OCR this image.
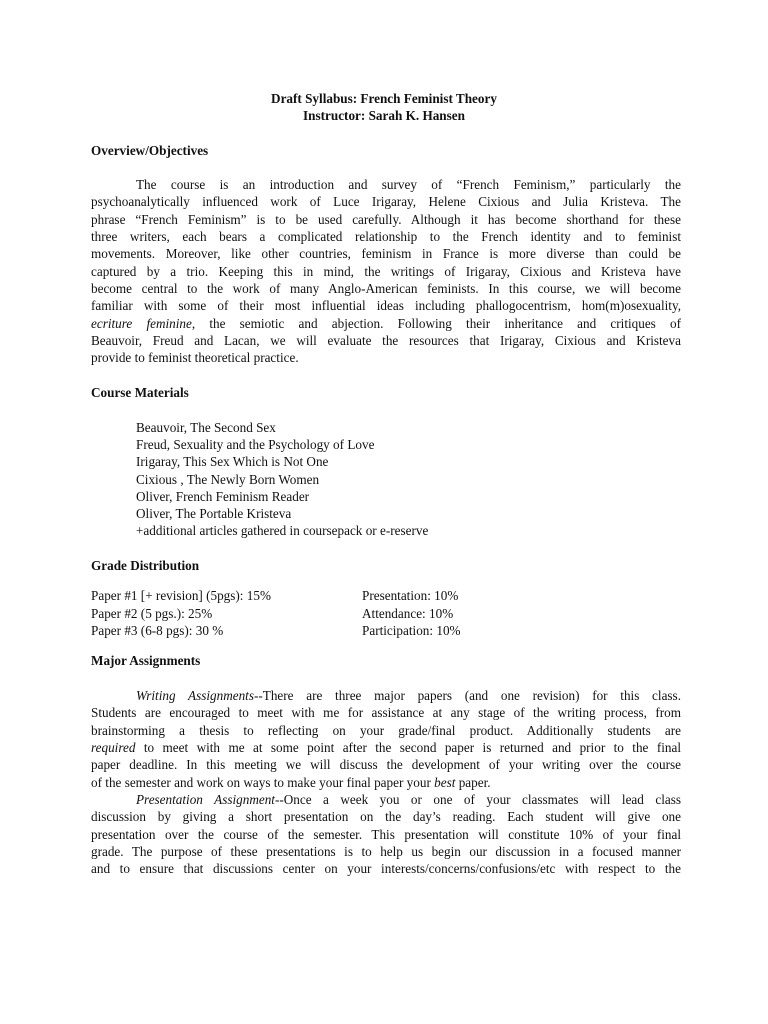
Draft Syllabus: French Feminist Theory
Instructor: Sarah K. Hansen
Overview/Objectives
The course is an introduction and survey of “French Feminism,” particularly the
psychoanalytically influenced work of Luce Irigaray, Helene Cixious and Julia Kristeva. The
phrase “French Feminism” is to be used carefully. Although it has become shorthand for these
three writers, each bears a complicated relationship to the French identity and to feminist
movements. Moreover, like other countries, feminism in France is more diverse than could be
captured by a trio. Keeping this in mind, the writings of Irigaray, Cixious and Kristeva have
become central to the work of many Anglo-American feminists. In this course, we will become
familiar with some of their most influential ideas including phallogocentrism, hom(m)osexuality,
ecriture feminine, the semiotic and abjection. Following their inheritance and critiques of
Beauvoir, Freud and Lacan, we will evaluate the resources that Irigaray, Cixious and Kristeva
provide to feminist theoretical practice.
Course Materials
Beauvoir, The Second Sex
Freud, Sexuality and the Psychology of Love
Irigaray, This Sex Which is Not One
Cixious , The Newly Born Women
Oliver, French Feminism Reader
Oliver, The Portable Kristeva
+additional articles gathered in coursepack or e-reserve
Grade Distribution
Paper #1 [+ revision] (5pgs): 15%	Presentation: 10%
Paper #2 (5 pgs.): 25%	Attendance: 10%
Paper #3 (6-8 pgs): 30 %	Participation: 10%
Major Assignments
Writing Assignments--There are three major papers (and one revision) for this class.
Students are encouraged to meet with me for assistance at any stage of the writing process, from
brainstorming a thesis to reflecting on your grade/final product. Additionally students are
required to meet with me at some point after the second paper is returned and prior to the final
paper deadline. In this meeting we will discuss the development of your writing over the course
of the semester and work on ways to make your final paper your best paper.
Presentation Assignment--Once a week you or one of your classmates will lead class
discussion by giving a short presentation on the day’s reading. Each student will give one
presentation over the course of the semester. This presentation will constitute 10% of your final
grade. The purpose of these presentations is to help us begin our discussion in a focused manner
and to ensure that discussions center on your interests/concerns/confusions/etc with respect to the
